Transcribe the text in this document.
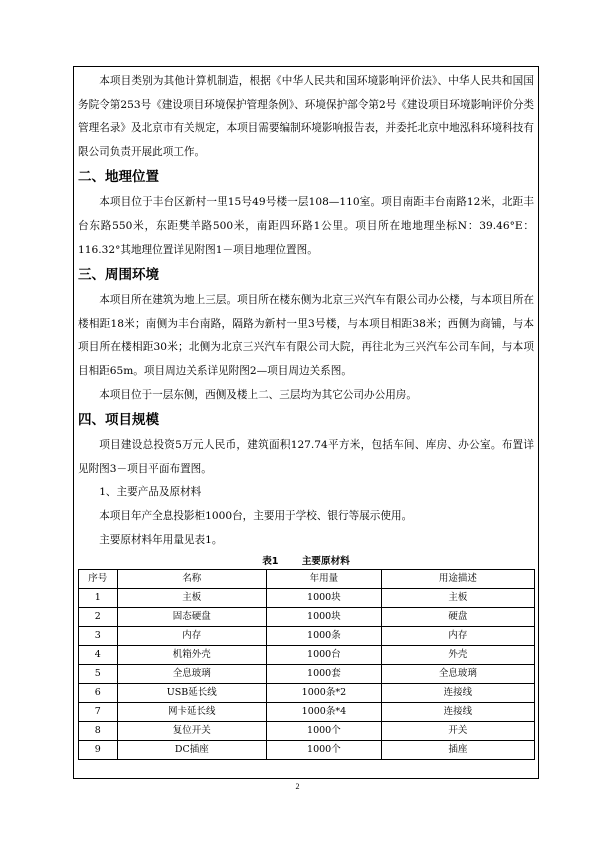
本项目类别为其他计算机制造，根据《中华人民共和国环境影响评价法》、中华人民共和国国务院令第253号《建设项目环境保护管理条例》、环境保护部令第2号《建设项目环境影响评价分类管理名录》及北京市有关规定，本项目需要编制环境影响报告表，并委托北京中地泓科环境科技有限公司负责开展此项工作。

二、地理位置

本项目位于丰台区新村一里15号49号楼一层108—110室。项目南距丰台南路12米，北距丰台东路550米，东距樊羊路500米，南距四环路1公里。项目所在地地理坐标N：39.46°E：116.32°其地理位置详见附图1－项目地理位置图。

三、周围环境

本项目所在建筑为地上三层。项目所在楼东侧为北京三兴汽车有限公司办公楼，与本项目所在楼相距18米；南侧为丰台南路，隔路为新村一里3号楼，与本项目相距38米；西侧为商铺，与本项目所在楼相距30米；北侧为北京三兴汽车有限公司大院，再往北为三兴汽车公司车间，与本项目相距65m。项目周边关系详见附图2—项目周边关系图。

本项目位于一层东侧，西侧及楼上二、三层均为其它公司办公用房。

四、项目规模

项目建设总投资5万元人民币，建筑面积127.74平方米，包括车间、库房、办公室。布置详见附图3－项目平面布置图。

1、主要产品及原材料

本项目年产全息投影柜1000台，主要用于学校、银行等展示使用。

主要原材料年用量见表1。

表1 主要原材料
序号	名称	年用量	用途描述
1	主板	1000块	主板
2	固态硬盘	1000块	硬盘
3	内存	1000条	内存
4	机箱外壳	1000台	外壳
5	全息玻璃	1000套	全息玻璃
6	USB延长线	1000条*2	连接线
7	网卡延长线	1000条*4	连接线
8	复位开关	1000个	开关
9	DC插座	1000个	插座
2
